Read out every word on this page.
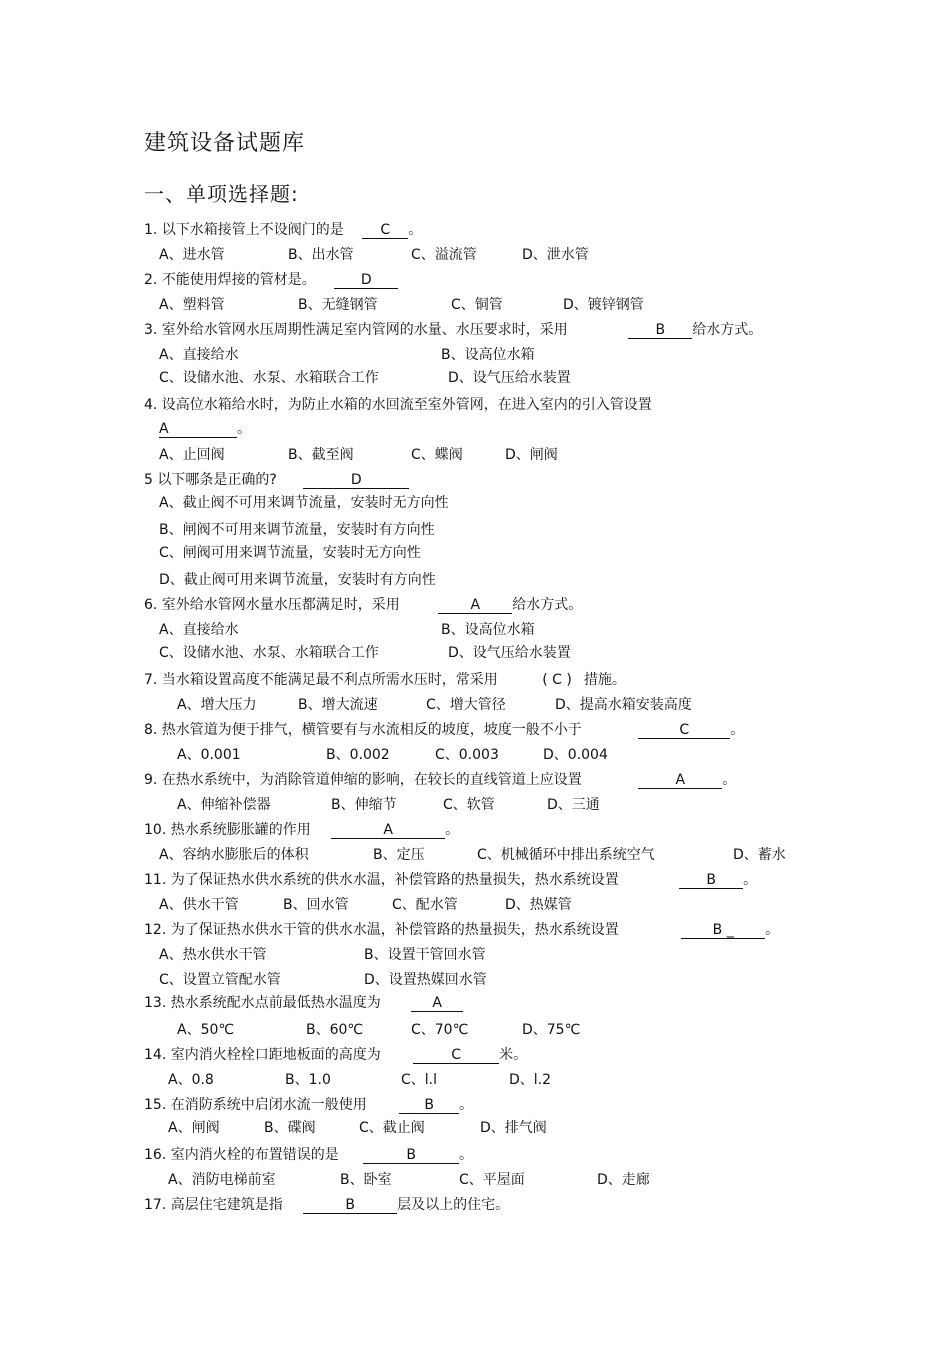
建筑设备试题库
一、单项选择题:
1. 以下水箱接管上不设阀门的是	C 。
A、进水管	B、出水管	C、溢流管	D、泄水管
2. 不能使用焊接的管材是。	D
A、塑料管	B、无缝钢管	C、铜管	D、镀锌钢管
3. 室外给水管网水压周期性满足室内管网的水量、水压要求时，采用	B 给水方式。
A、直接给水	B、设高位水箱
C、设储水池、水泵、水箱联合工作	D、设气压给水装置
4. 设高位水箱给水时，为防止水箱的水回流至室外管网，在进入室内的引入管设置
A	。
A、止回阀	B、截至阀	C、蝶阀	D、闸阀
5 以下哪条是正确的?	D
A、截止阀不可用来调节流量，安装时无方向性
B、闸阀不可用来调节流量，安装时有方向性
C、闸阀可用来调节流量，安装时无方向性
D、截止阀可用来调节流量，安装时有方向性
6. 室外给水管网水量水压都满足时，采用	A 给水方式。
A、直接给水	B、设高位水箱
C、设储水池、水泵、水箱联合工作	D、设气压给水装置
7. 当水箱设置高度不能满足最不利点所需水压时，常采用	( C ) 措施。
A、增大压力	B、增大流速	C、增大管径	D、提高水箱安装高度
8. 热水管道为便于排气，横管要有与水流相反的坡度，坡度一般不小于	C	。
A、0.001	B、0.002	C、0.003	D、0.004
9. 在热水系统中，为消除管道伸缩的影响，在较长的直线管道上应设置	A	。
A、伸缩补偿器	B、伸缩节	C、软管	D、三通
10. 热水系统膨胀罐的作用	A	。
A、容纳水膨胀后的体积	B、定压	C、机械循环中排出系统空气	D、蓄水
11. 为了保证热水供水系统的供水水温，补偿管路的热量损失，热水系统设置	B 。
A、供水干管	B、回水管	C、配水管	D、热媒管
12. 为了保证热水供水干管的供水水温，补偿管路的热量损失，热水系统设置	B _ 。
A、热水供水干管	B、设置干管回水管
C、设置立管配水管	D、设置热媒回水管
13. 热水系统配水点前最低热水温度为	A
A、50℃	B、60℃	C、70℃	D、75℃
14. 室内消火栓栓口距地板面的高度为	C	米。
A、0.8	B、1.0	C、l.l	D、l.2
15. 在消防系统中启闭水流一般使用	B 。
A、闸阀	B、碟阀	C、截止阀	D、排气阀
16. 室内消火栓的布置错误的是	B	。
A、消防电梯前室	B、卧室	C、平屋面	D、走廊
17. 高层住宅建筑是指	B	层及以上的住宅。
